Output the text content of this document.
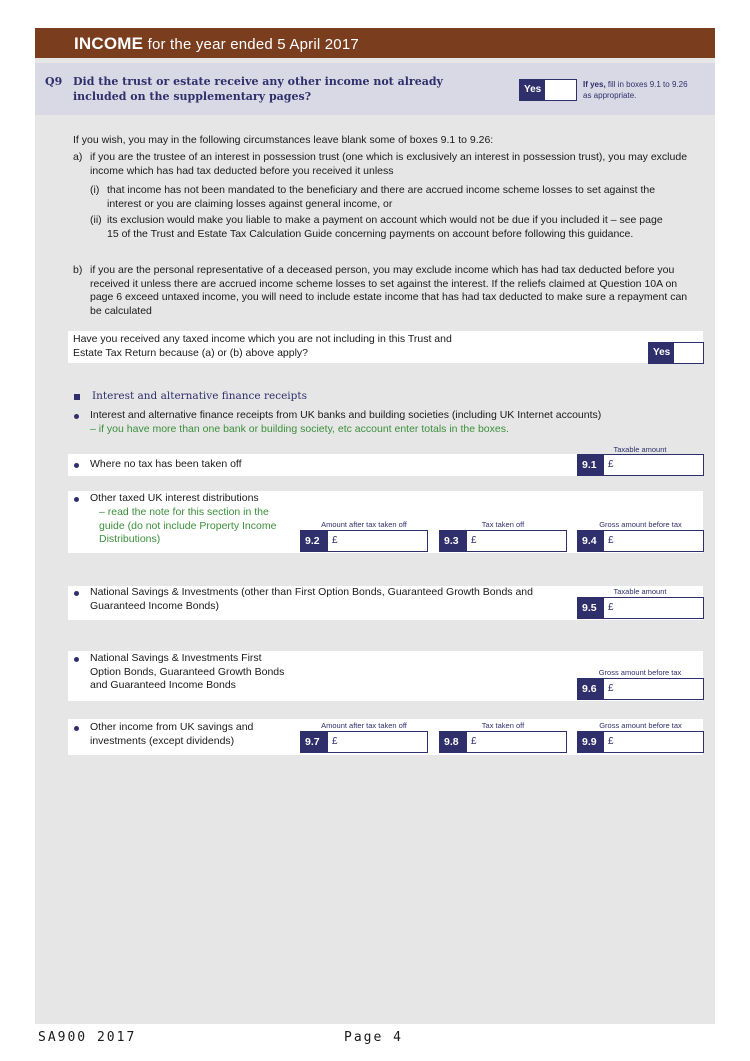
INCOME for the year ended 5 April 2017
Q9 Did the trust or estate receive any other income not already included on the supplementary pages?
Yes	If yes, fill in boxes 9.1 to 9.26 as appropriate.
If you wish, you may in the following circumstances leave blank some of boxes 9.1 to 9.26:
a) if you are the trustee of an interest in possession trust (one which is exclusively an interest in possession trust), you may exclude income which has had tax deducted before you received it unless
(i) that income has not been mandated to the beneficiary and there are accrued income scheme losses to set against the interest or you are claiming losses against general income, or
(ii) its exclusion would make you liable to make a payment on account which would not be due if you included it – see page 15 of the Trust and Estate Tax Calculation Guide concerning payments on account before following this guidance.
b) if you are the personal representative of a deceased person, you may exclude income which has had tax deducted before you received it unless there are accrued income scheme losses to set against the interest. If the reliefs claimed at Question 10A on page 6 exceed untaxed income, you will need to include estate income that has had tax deducted to make sure a repayment can be calculated
Have you received any taxed income which you are not including in this Trust and Estate Tax Return because (a) or (b) above apply?	Yes
Interest and alternative finance receipts
Interest and alternative finance receipts from UK banks and building societies (including UK Internet accounts)
– if you have more than one bank or building society, etc account enter totals in the boxes.
Where no tax has been taken off
Taxable amount
9.1	£
Other taxed UK interest distributions
– read the note for this section in the guide (do not include Property Income Distributions)
Amount after tax taken off
9.2	£
Tax taken off
9.3	£
Gross amount before tax
9.4	£
National Savings & Investments (other than First Option Bonds, Guaranteed Growth Bonds and Guaranteed Income Bonds)
Taxable amount
9.5	£
National Savings & Investments First Option Bonds, Guaranteed Growth Bonds and Guaranteed Income Bonds
Gross amount before tax
9.6	£
Other income from UK savings and investments (except dividends)
Amount after tax taken off
9.7	£
Tax taken off
9.8	£
Gross amount before tax
9.9	£
SA900 2017	Page 4
